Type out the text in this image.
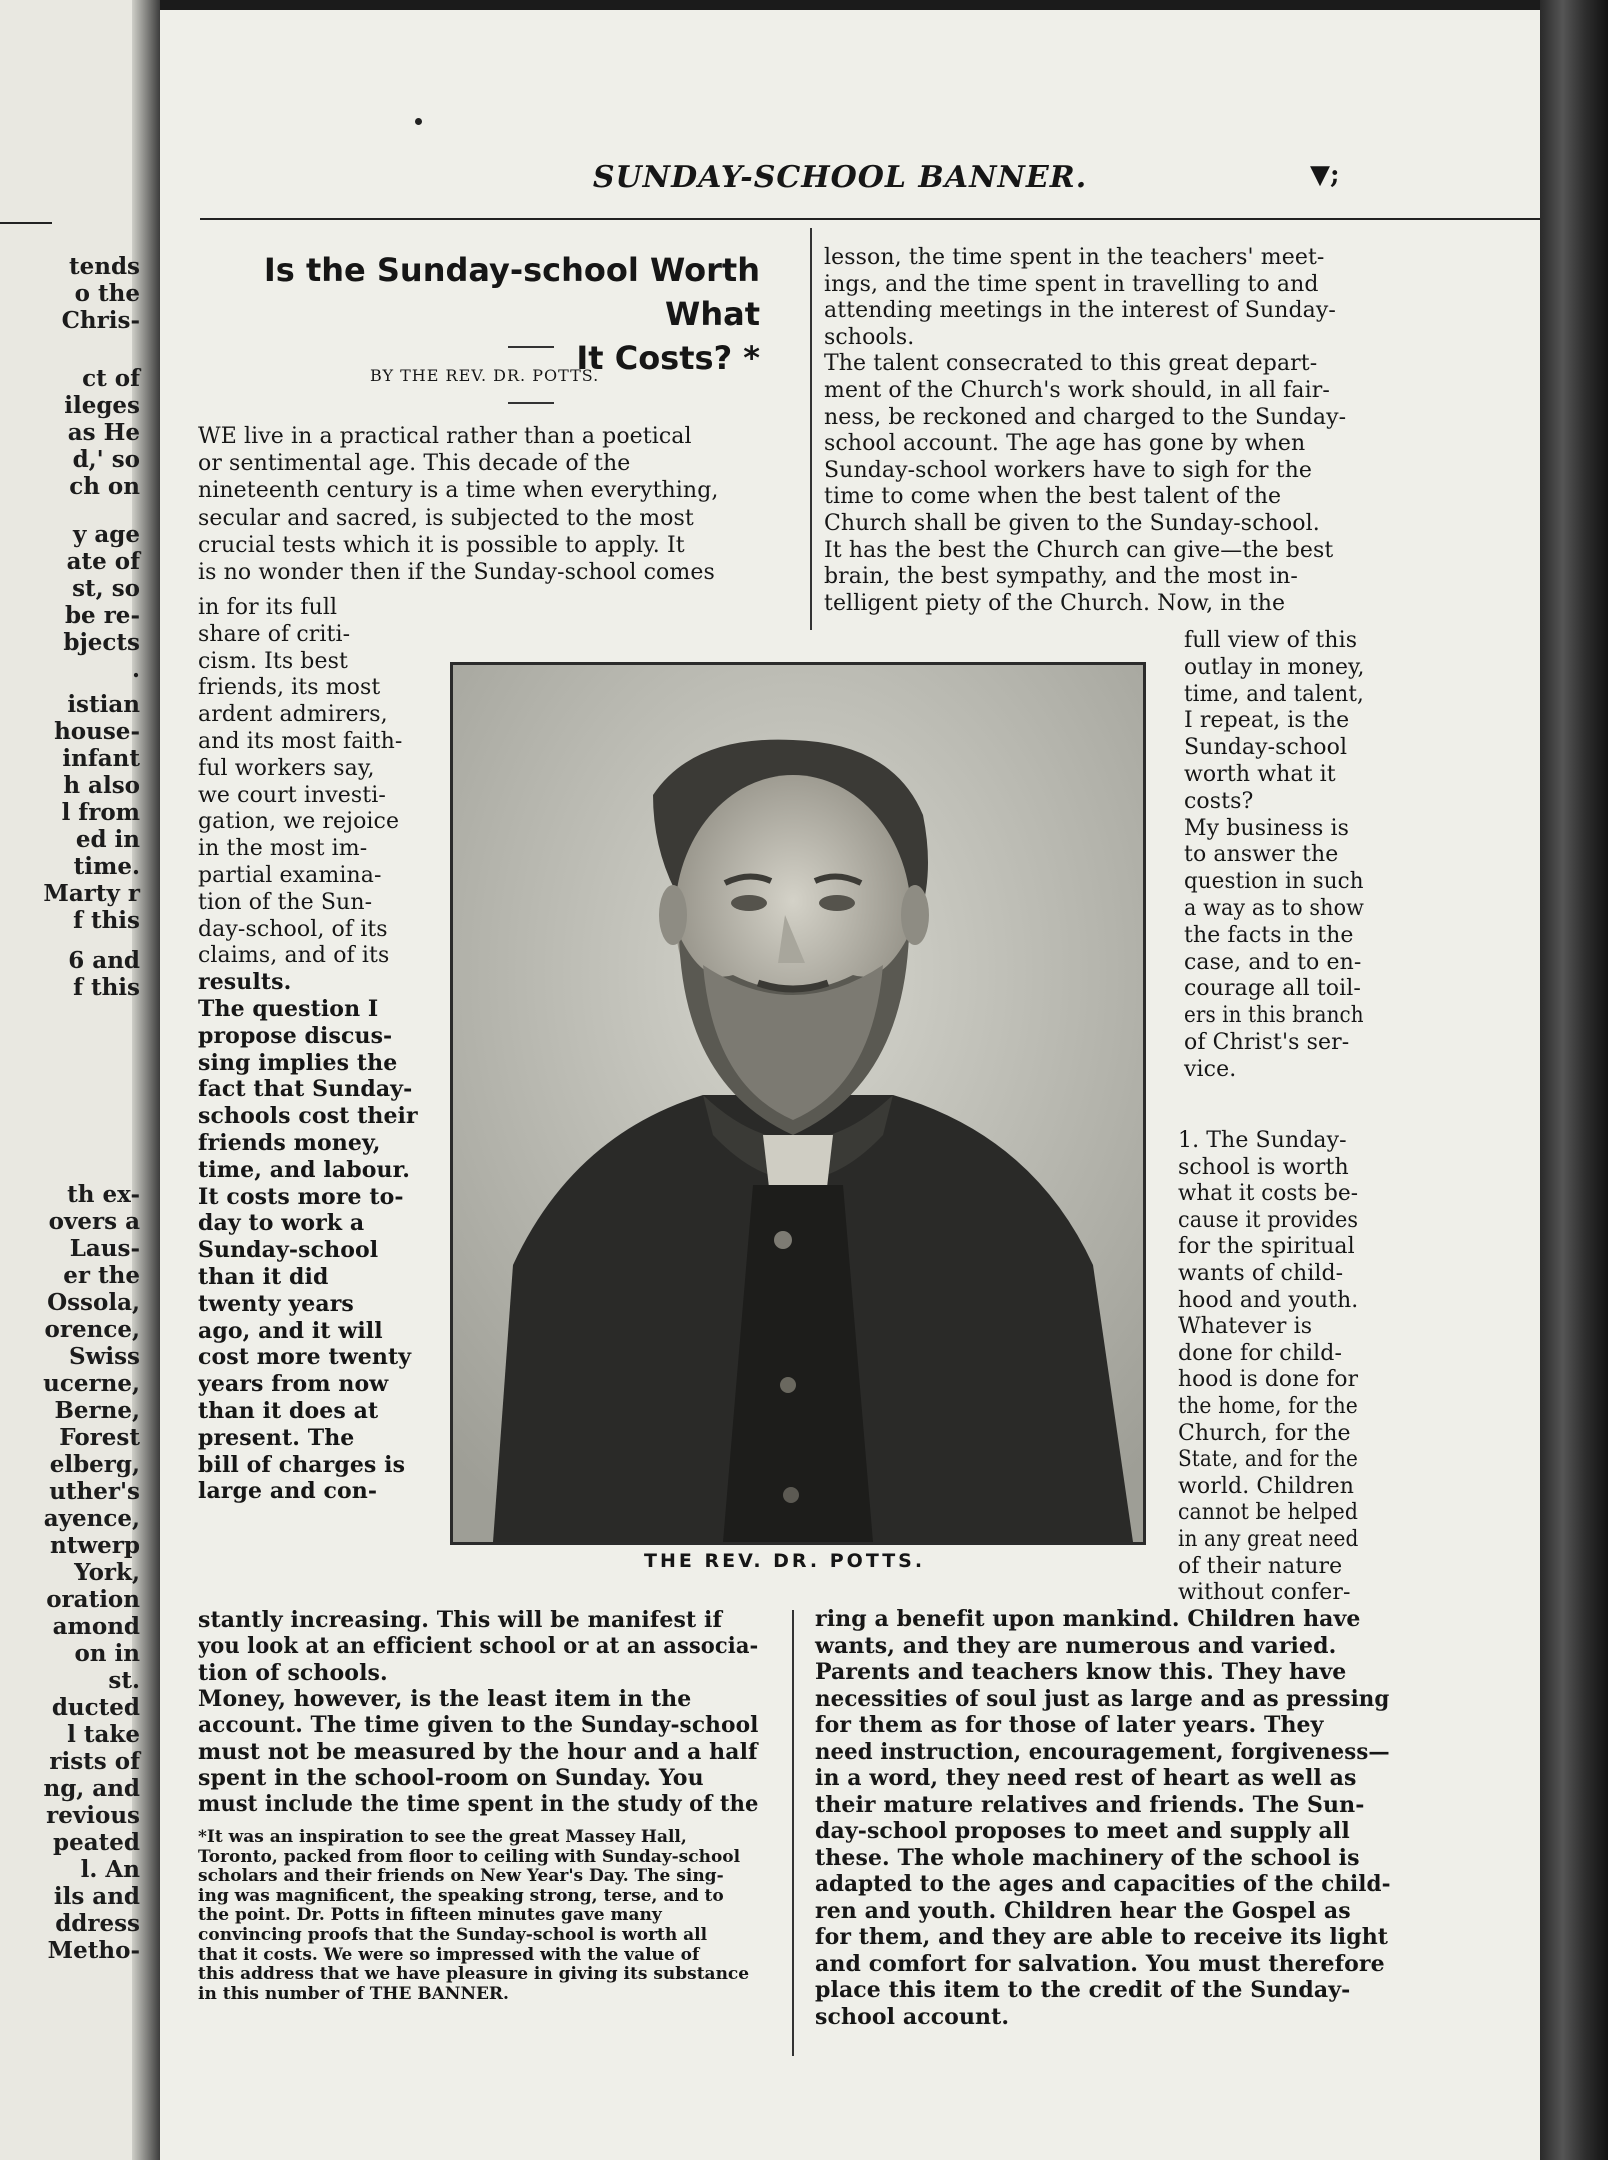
tends
o the
Chris-
ct of
ileges
as He
d,' so
ch on
y age
ate of
st, so
be re-
bjects
.
istian
house-
infant
h also
l from
ed in
time.
Marty r
f this
6 and
f this
th ex-
overs a
Laus-
er the
Ossola,
orence,
Swiss
ucerne,
Berne,
Forest
elberg,
uther's
ayence,
ntwerp
York,
oration
amond
on in
st.
ducted
l take
rists of
ng, and
revious
peated
l. An
ils and
ddress
Metho-
SUNDAY-SCHOOL BANNER.	▼;
Is the Sunday-school Worth What
It Costs? *
BY THE REV. DR. POTTS.
WE live in a practical rather than a poetical
or sentimental age. This decade of the
nineteenth century is a time when everything,
secular and sacred, is subjected to the most
crucial tests which it is possible to apply. It
is no wonder then if the Sunday-school comes
in for its full
share of criti-
cism. Its best
friends, its most
ardent admirers,
and its most faith-
ful workers say,
we court investi-
gation, we rejoice
in the most im-
partial examina-
tion of the Sun-
day-school, of its
claims, and of its
results.
The question I
propose discus-
sing implies the
fact that Sunday-
schools cost their
friends money,
time, and labour.
It costs more to-
day to work a
Sunday-school
than it did
twenty years
ago, and it will
cost more twenty
years from now
than it does at
present. The
bill of charges is
large and con-
stantly increasing. This will be manifest if
you look at an efficient school or at an associa-
tion of schools.
Money, however, is the least item in the
account. The time given to the Sunday-school
must not be measured by the hour and a half
spent in the school-room on Sunday. You
must include the time spent in the study of the
*It was an inspiration to see the great Massey Hall,
Toronto, packed from floor to ceiling with Sunday-school
scholars and their friends on New Year's Day. The sing-
ing was magnificent, the speaking strong, terse, and to
the point. Dr. Potts in fifteen minutes gave many
convincing proofs that the Sunday-school is worth all
that it costs. We were so impressed with the value of
this address that we have pleasure in giving its substance
in this number of THE BANNER.
lesson, the time spent in the teachers' meet-
ings, and the time spent in travelling to and
attending meetings in the interest of Sunday-
schools.
The talent consecrated to this great depart-
ment of the Church's work should, in all fair-
ness, be reckoned and charged to the Sunday-
school account. The age has gone by when
Sunday-school workers have to sigh for the
time to come when the best talent of the
Church shall be given to the Sunday-school.
It has the best the Church can give—the best
brain, the best sympathy, and the most in-
telligent piety of the Church. Now, in the
full view of this
outlay in money,
time, and talent,
I repeat, is the
Sunday-school
worth what it
costs?
My business is
to answer the
question in such
a way as to show
the facts in the
case, and to en-
courage all toil-
ers in this branch
of Christ's ser-
vice.
1. The Sunday-
school is worth
what it costs be-
cause it provides
for the spiritual
wants of child-
hood and youth.
Whatever is
done for child-
hood is done for
the home, for the
Church, for the
State, and for the
world. Children
cannot be helped
in any great need
of their nature
without confer-
ring a benefit upon mankind. Children have
wants, and they are numerous and varied.
Parents and teachers know this. They have
necessities of soul just as large and as pressing
for them as for those of later years. They
need instruction, encouragement, forgiveness—
in a word, they need rest of heart as well as
their mature relatives and friends. The Sun-
day-school proposes to meet and supply all
these. The whole machinery of the school is
adapted to the ages and capacities of the child-
ren and youth. Children hear the Gospel as
for them, and they are able to receive its light
and comfort for salvation. You must therefore
place this item to the credit of the Sunday-
school account.
THE REV. DR. POTTS.
